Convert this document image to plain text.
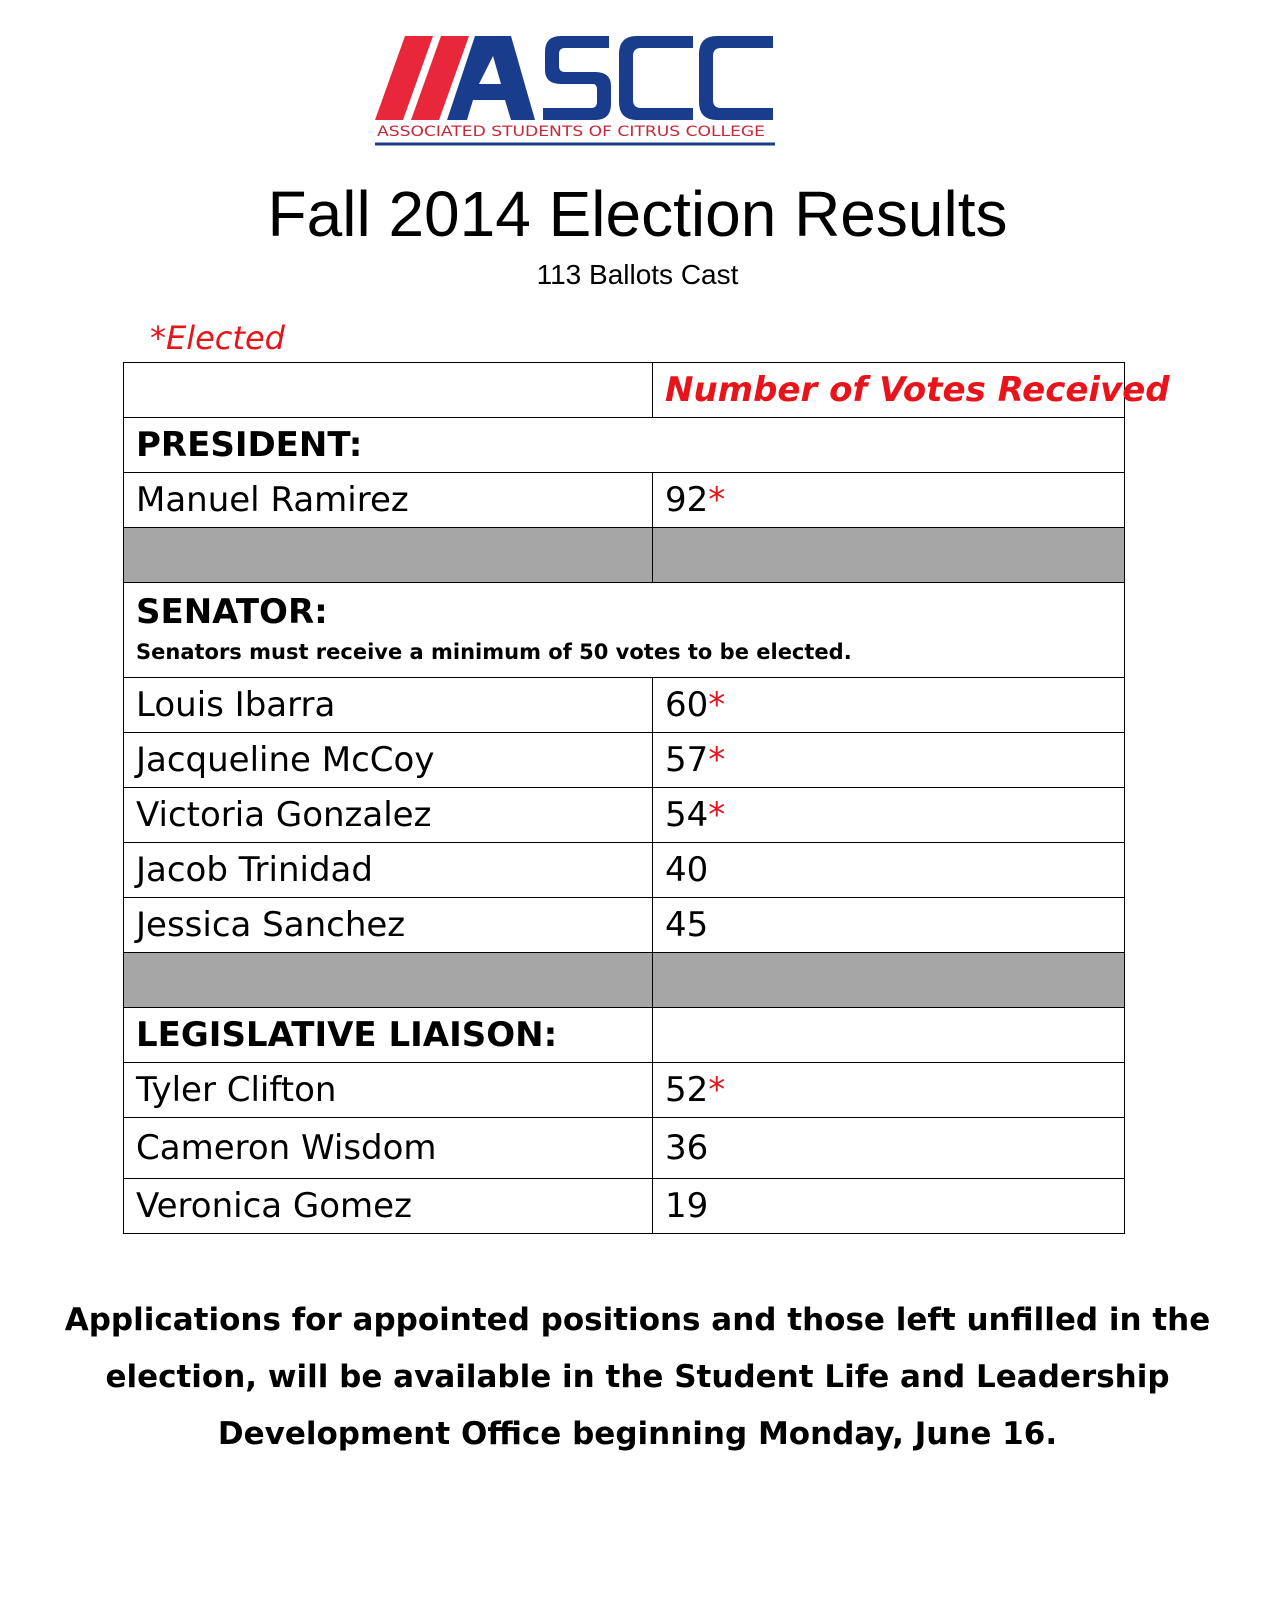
ASSOCIATED STUDENTS OF CITRUS COLLEGE
Fall 2014 Election Results
113 Ballots Cast
*Elected
	Number of Votes Received
PRESIDENT:	
Manuel Ramirez	92*

SENATOR:
Senators must receive a minimum of 50 votes to be elected.	

Louis Ibarra	60*
Jacqueline McCoy	57*
Victoria Gonzalez	54*
Jacob Trinidad	40
Jessica Sanchez	45

LEGISLATIVE LIAISON:	
Tyler Clifton	52*
Cameron Wisdom	36
Veronica Gomez	19
Applications for appointed positions and those left unfilled in the election, will be available in the Student Life and Leadership Development Office beginning Monday, June 16.
